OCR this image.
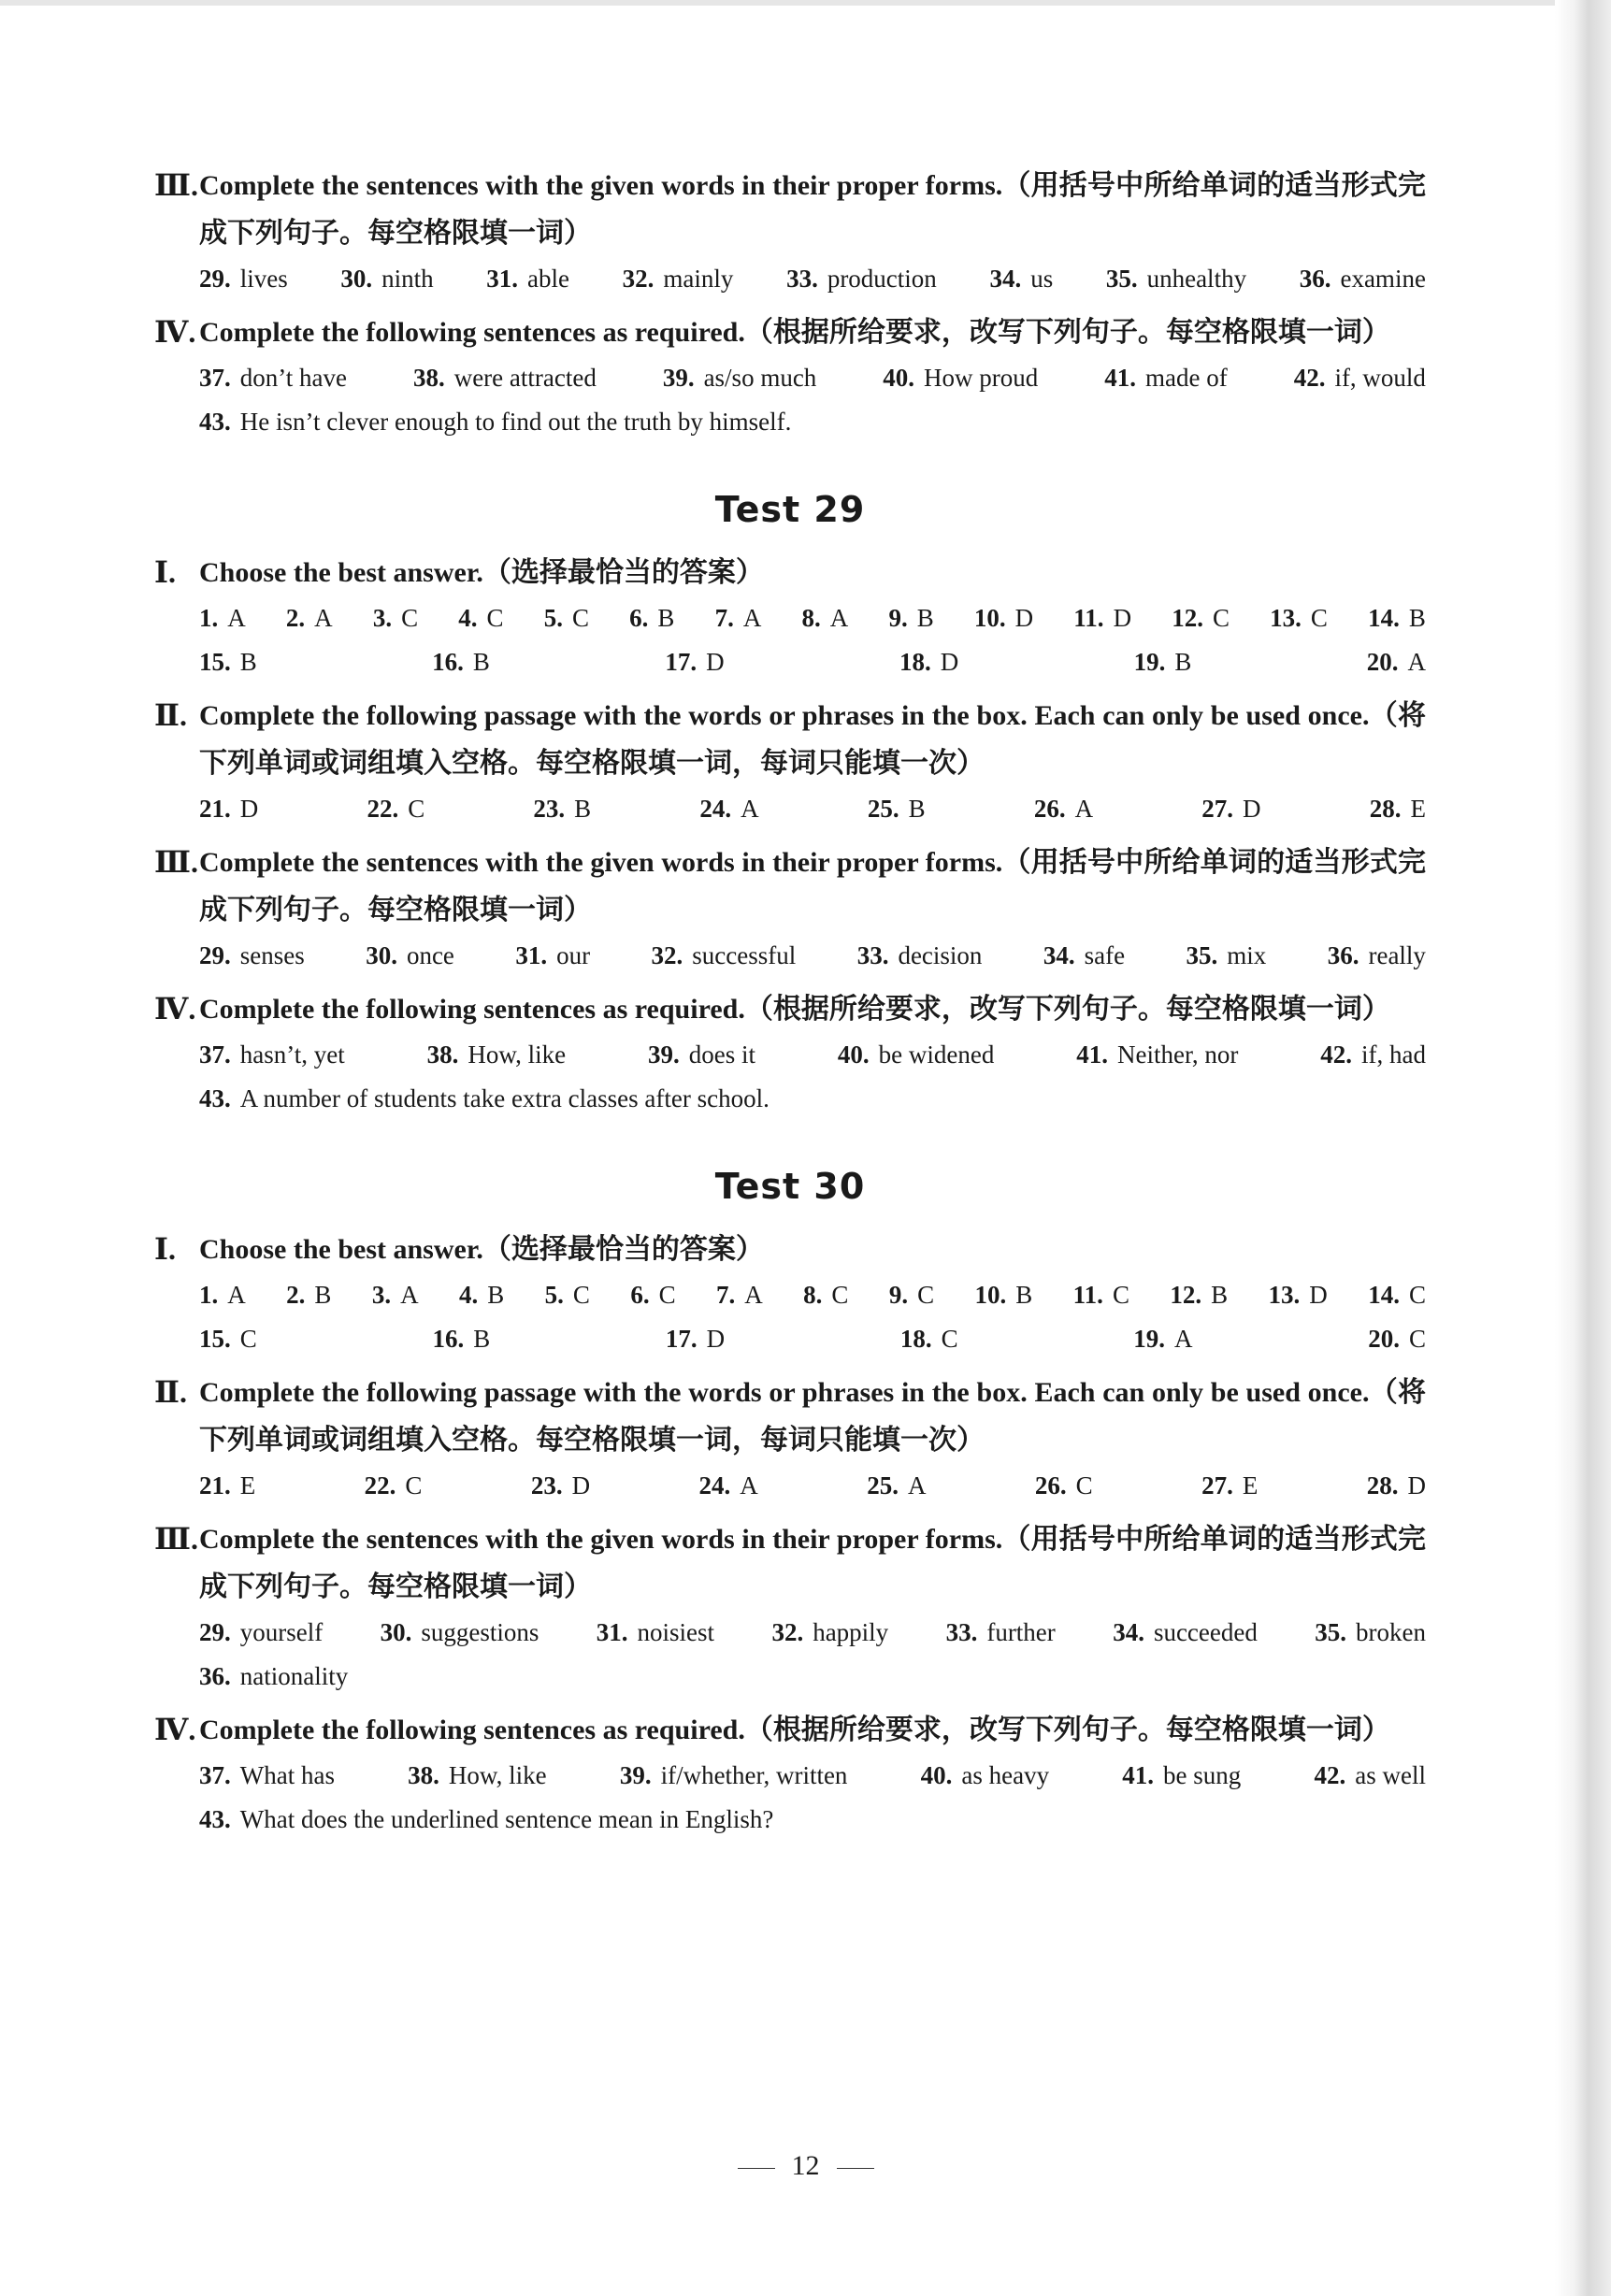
Ⅲ. Complete the sentences with the given words in their proper forms.（用括号中所给单词的适当形式完成下列句子。每空格限填一词）
29. lives 30. ninth 31. able 32. mainly 33. production 34. us 35. unhealthy 36. examine
Ⅳ. Complete the following sentences as required.（根据所给要求，改写下列句子。每空格限填一词）
37. don’t have	38. were attracted	39. as/so much	40. How proud	41. made of	42. if, would
43. He isn’t clever enough to find out the truth by himself.
Test 29
Ⅰ. Choose the best answer.（选择最恰当的答案）
1. A 2. A 3. C 4. C 5. C 6. B 7. A 8. A 9. B 10. D 11. D 12. C 13. C 14. B
15. B	16. B	17. D	18. D	19. B	20. A
Ⅱ. Complete the following passage with the words or phrases in the box. Each can only be used once.（将下列单词或词组填入空格。每空格限填一词，每词只能填一次）
21. D	22. C	23. B	24. A	25. B	26. A	27. D	28. E
Ⅲ. Complete the sentences with the given words in their proper forms.（用括号中所给单词的适当形式完成下列句子。每空格限填一词）
29. senses 30. once 31. our 32. successful 33. decision 34. safe 35. mix 36. really
Ⅳ. Complete the following sentences as required.（根据所给要求，改写下列句子。每空格限填一词）
37. hasn’t, yet	38. How, like	39. does it	40. be widened	41. Neither, nor	42. if, had
43. A number of students take extra classes after school.
Test 30
Ⅰ. Choose the best answer.（选择最恰当的答案）
1. A 2. B 3. A 4. B 5. C 6. C 7. A 8. C 9. C 10. B 11. C 12. B 13. D 14. C
15. C	16. B	17. D	18. C	19. A	20. C
Ⅱ. Complete the following passage with the words or phrases in the box. Each can only be used once.（将下列单词或词组填入空格。每空格限填一词，每词只能填一次）
21. E	22. C	23. D	24. A	25. A	26. C	27. E	28. D
Ⅲ. Complete the sentences with the given words in their proper forms.（用括号中所给单词的适当形式完成下列句子。每空格限填一词）
29. yourself 30. suggestions 31. noisiest 32. happily 33. further 34. succeeded 35. broken
36. nationality
Ⅳ. Complete the following sentences as required.（根据所给要求，改写下列句子。每空格限填一词）
37. What has	38. How, like	39. if/whether, written	40. as heavy	41. be sung	42. as well
43. What does the underlined sentence mean in English?
12
